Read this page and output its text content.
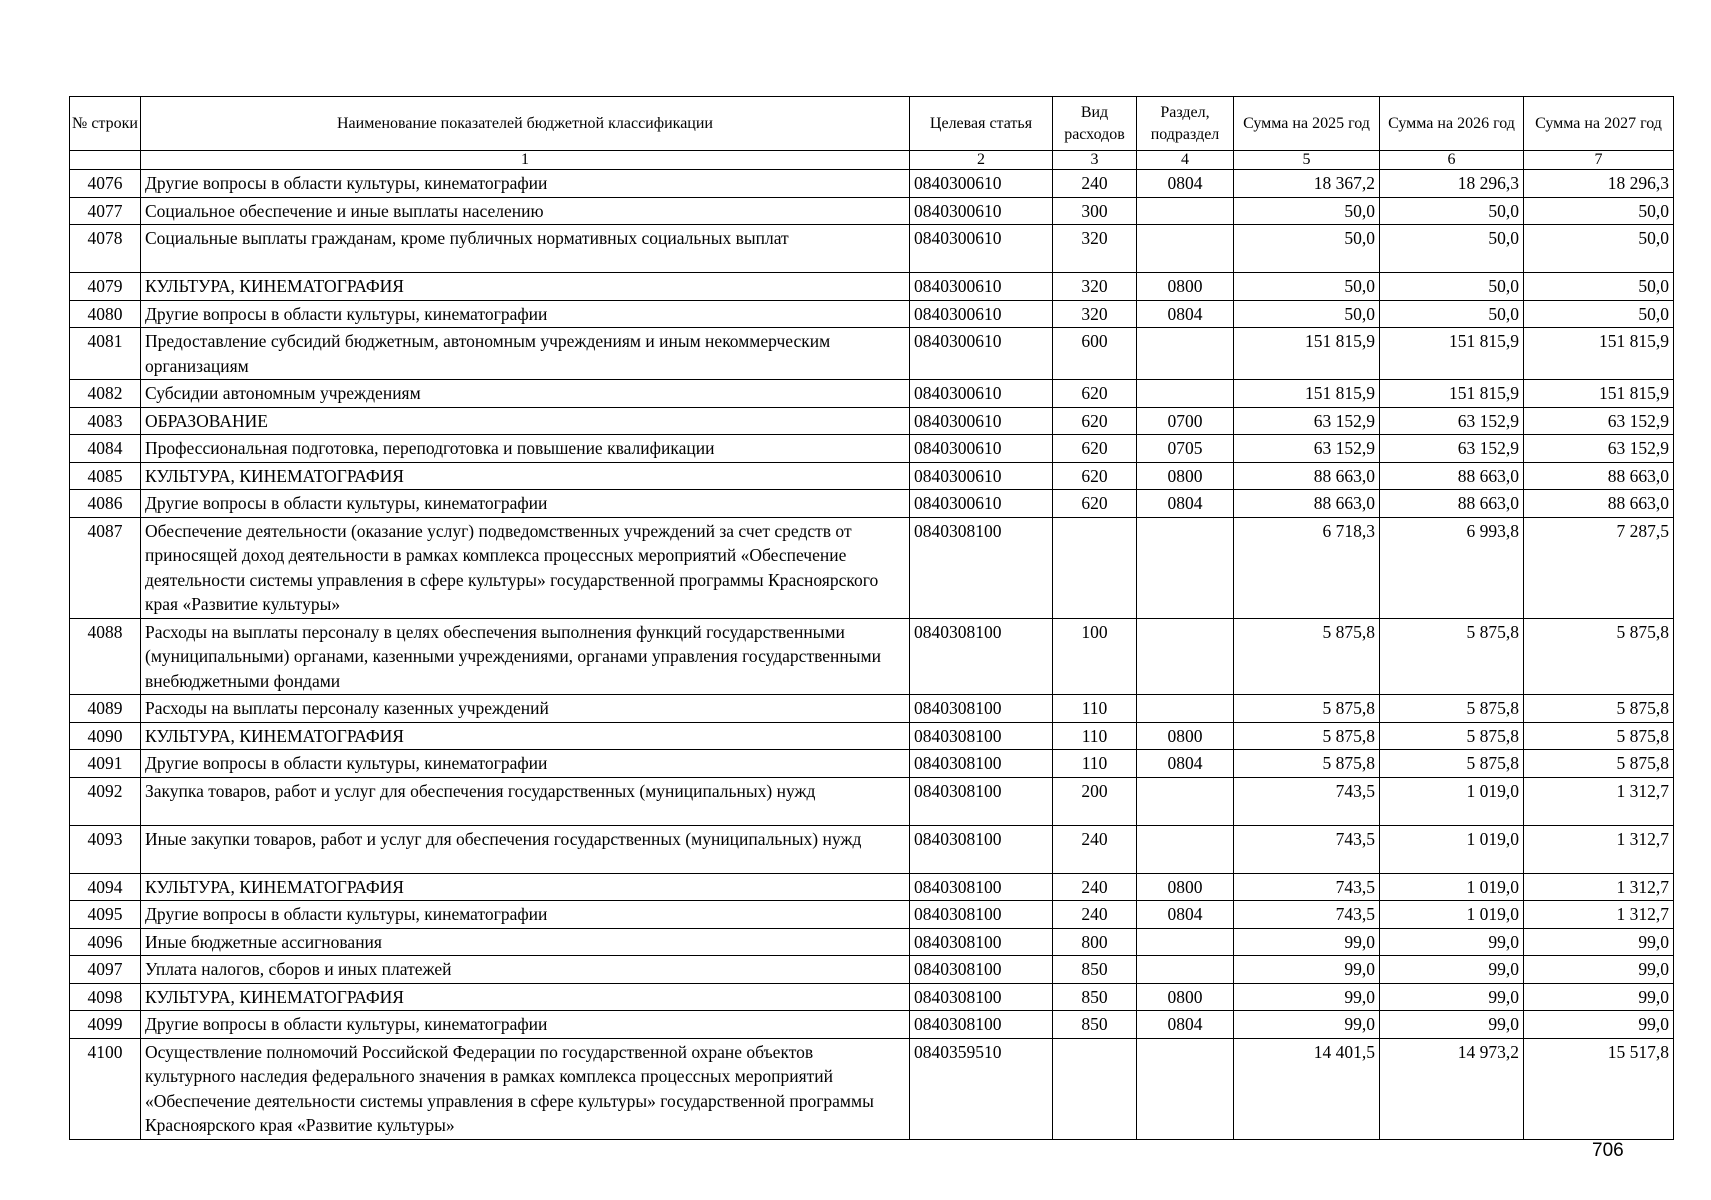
№ строки	Наименование показателей бюджетной классификации	Целевая статья	Вид расходов	Раздел, подраздел	Сумма на 2025 год	Сумма на 2026 год	Сумма на 2027 год
	1	2	3	4	5	6	7
4076	Другие вопросы в области культуры, кинематографии	0840300610	240	0804	18 367,2	18 296,3	18 296,3
4077	Социальное обеспечение и иные выплаты населению	0840300610	300		50,0	50,0	50,0
4078	Социальные выплаты гражданам, кроме публичных нормативных социальных выплат	0840300610	320		50,0	50,0	50,0
4079	КУЛЬТУРА, КИНЕМАТОГРАФИЯ	0840300610	320	0800	50,0	50,0	50,0
4080	Другие вопросы в области культуры, кинематографии	0840300610	320	0804	50,0	50,0	50,0
4081	Предоставление субсидий бюджетным, автономным учреждениям и иным некоммерческим организациям	0840300610	600		151 815,9	151 815,9	151 815,9
4082	Субсидии автономным учреждениям	0840300610	620		151 815,9	151 815,9	151 815,9
4083	ОБРАЗОВАНИЕ	0840300610	620	0700	63 152,9	63 152,9	63 152,9
4084	Профессиональная подготовка, переподготовка и повышение квалификации	0840300610	620	0705	63 152,9	63 152,9	63 152,9
4085	КУЛЬТУРА, КИНЕМАТОГРАФИЯ	0840300610	620	0800	88 663,0	88 663,0	88 663,0
4086	Другие вопросы в области культуры, кинематографии	0840300610	620	0804	88 663,0	88 663,0	88 663,0
4087	Обеспечение деятельности (оказание услуг) подведомственных учреждений за счет средств от приносящей доход деятельности в рамках комплекса процессных мероприятий «Обеспечение деятельности системы управления в сфере культуры» государственной программы Красноярского края «Развитие культуры»	0840308100			6 718,3	6 993,8	7 287,5
4088	Расходы на выплаты персоналу в целях обеспечения выполнения функций государственными (муниципальными) органами, казенными учреждениями, органами управления государственными внебюджетными фондами	0840308100	100		5 875,8	5 875,8	5 875,8
4089	Расходы на выплаты персоналу казенных учреждений	0840308100	110		5 875,8	5 875,8	5 875,8
4090	КУЛЬТУРА, КИНЕМАТОГРАФИЯ	0840308100	110	0800	5 875,8	5 875,8	5 875,8
4091	Другие вопросы в области культуры, кинематографии	0840308100	110	0804	5 875,8	5 875,8	5 875,8
4092	Закупка товаров, работ и услуг для обеспечения государственных (муниципальных) нужд	0840308100	200		743,5	1 019,0	1 312,7
4093	Иные закупки товаров, работ и услуг для обеспечения государственных (муниципальных) нужд	0840308100	240		743,5	1 019,0	1 312,7
4094	КУЛЬТУРА, КИНЕМАТОГРАФИЯ	0840308100	240	0800	743,5	1 019,0	1 312,7
4095	Другие вопросы в области культуры, кинематографии	0840308100	240	0804	743,5	1 019,0	1 312,7
4096	Иные бюджетные ассигнования	0840308100	800		99,0	99,0	99,0
4097	Уплата налогов, сборов и иных платежей	0840308100	850		99,0	99,0	99,0
4098	КУЛЬТУРА, КИНЕМАТОГРАФИЯ	0840308100	850	0800	99,0	99,0	99,0
4099	Другие вопросы в области культуры, кинематографии	0840308100	850	0804	99,0	99,0	99,0
4100	Осуществление полномочий Российской Федерации по государственной охране объектов культурного наследия федерального значения в рамках комплекса процессных мероприятий «Обеспечение деятельности системы управления в сфере культуры» государственной программы Красноярского края «Развитие культуры»	0840359510			14 401,5	14 973,2	15 517,8
706
